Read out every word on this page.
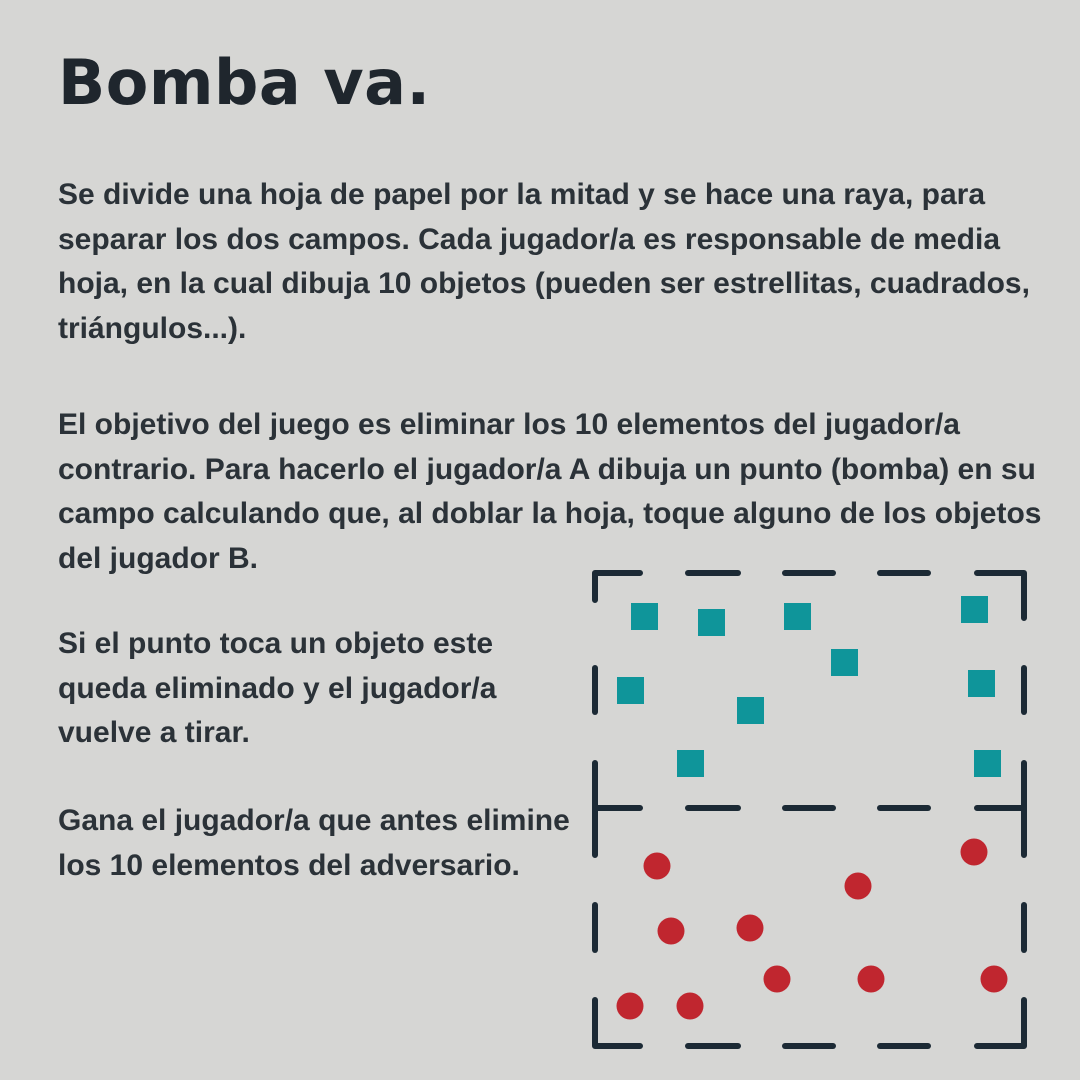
Bomba va.

Se divide una hoja de papel por la mitad y se hace una raya, para separar los dos campos. Cada jugador/a es responsable de media hoja, en la cual dibuja 10 objetos (pueden ser estrellitas, cuadrados, triángulos...).

El objetivo del juego es eliminar los 10 elementos del jugador/a contrario. Para hacerlo el jugador/a A dibuja un punto (bomba) en su campo calculando que, al doblar la hoja, toque alguno de los objetos del jugador B.

Si el punto toca un objeto este queda eliminado y el jugador/a vuelve a tirar.

Gana el jugador/a que antes elimine los 10 elementos del adversario.
